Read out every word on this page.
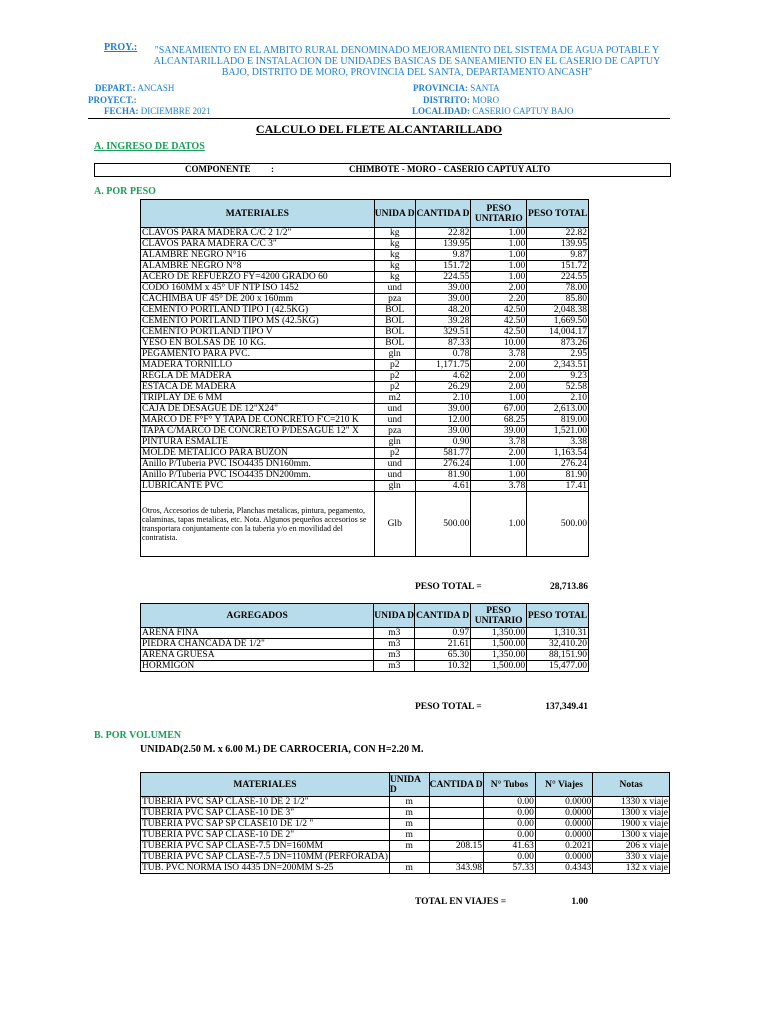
PROY.:	"SANEAMIENTO EN EL AMBITO RURAL DENOMINADO MEJORAMIENTO DEL SISTEMA DE AGUA POTABLE Y ALCANTARILLADO E INSTALACION DE UNIDADES BASICAS DE SANEAMIENTO EN EL CASERIO DE CAPTUY BAJO, DISTRITO DE MORO, PROVINCIA DEL SANTA, DEPARTAMENTO ANCASH"
DEPART.: ANCASH
PROYECT.:
FECHA: DICIEMBRE 2021
PROVINCIA: SANTA
DISTRITO: MORO
LOCALIDAD: CASERIO CAPTUY BAJO
CALCULO DEL FLETE ALCANTARILLADO
A. INGRESO DE DATOS
COMPONENTE :	CHIMBOTE - MORO - CASERIO CAPTUY ALTO
A. POR PESO
MATERIALES	UNIDA D	CANTIDA D	PESO UNITARIO	PESO TOTAL
CLAVOS PARA MADERA C/C 2 1/2"	kg	22.82	1.00	22.82
CLAVOS PARA MADERA C/C 3"	kg	139.95	1.00	139.95
ALAMBRE NEGRO N°16	kg	9.87	1.00	9.87
ALAMBRE NEGRO N°8	kg	151.72	1.00	151.72
ACERO DE REFUERZO FY=4200 GRADO 60	kg	224.55	1.00	224.55
CODO 160MM x 45° UF NTP ISO 1452	und	39.00	2.00	78.00
CACHIMBA UF 45° DE 200 x 160mm	pza	39.00	2.20	85.80
CEMENTO PORTLAND TIPO I (42.5KG)	BOL	48.20	42.50	2,048.38
CEMENTO PORTLAND TIPO MS (42.5KG)	BOL	39.28	42.50	1,669.50
CEMENTO PORTLAND TIPO V	BOL	329.51	42.50	14,004.17
YESO EN BOLSAS DE 10 KG.	BOL	87.33	10.00	873.26
PEGAMENTO PARA PVC.	gln	0.78	3.78	2.95
MADERA TORNILLO	p2	1,171.75	2.00	2,343.51
REGLA DE MADERA	p2	4.62	2.00	9.23
ESTACA DE MADERA	p2	26.29	2.00	52.58
TRIPLAY DE 6 MM	m2	2.10	1.00	2.10
CAJA DE DESAGUE DE 12"X24"	und	39.00	67.00	2,613.00
MARCO DE F°F° Y TAPA DE CONCRETO F'C=210 K	und	12.00	68.25	819.00
TAPA C/MARCO DE CONCRETO P/DESAGUE 12" X	pza	39.00	39.00	1,521.00
PINTURA ESMALTE	gln	0.90	3.78	3.38
MOLDE METALICO PARA BUZON	p2	581.77	2.00	1,163.54
Anillo P/Tuberia PVC ISO4435 DN160mm.	und	276.24	1.00	276.24
Anillo P/Tuberia PVC ISO4435 DN200mm.	und	81.90	1.00	81.90
LUBRICANTE PVC	gln	4.61	3.78	17.41
Otros, Accesorios de tuberia, Planchas metalicas, pintura, pegamento, calaminas, tapas metalicas, etc. Nota. Algunos pequeños accesorios se transportara conjuntamente con la tuberia y/o en movilidad del contratista.	Glb	500.00	1.00	500.00
PESO TOTAL =	28,713.86
AGREGADOS	UNIDA D	CANTIDA D	PESO UNITARIO	PESO TOTAL
ARENA FINA	m3	0.97	1,350.00	1,310.31
PIEDRA CHANCADA DE 1/2"	m3	21.61	1,500.00	32,410.20
ARENA GRUESA	m3	65.30	1,350.00	88,151.90
HORMIGON	m3	10.32	1,500.00	15,477.00
PESO TOTAL =	137,349.41
B. POR VOLUMEN
UNIDAD(2.50 M. x 6.00 M.) DE CARROCERIA, CON H=2.20 M.
MATERIALES	UNIDA D	CANTIDA D	N° Tubos	N° Viajes	Notas
TUBERIA PVC SAP CLASE-10 DE 2 1/2"	m		0.00	0.0000	1330 x viaje
TUBERIA PVC SAP CLASE-10 DE 3"	m		0.00	0.0000	1300 x viaje
TUBERIA PVC SAP SP CLASE10 DE 1/2 "	m		0.00	0.0000	1900 x viaje
TUBERIA PVC SAP CLASE-10 DE 2"	m		0.00	0.0000	1300 x viaje
TUBERIA PVC SAP CLASE-7.5 DN=160MM	m	208.15	41.63	0.2021	206 x viaje
TUBERIA PVC SAP CLASE-7.5 DN=110MM (PERFORADA)			0.00	0.0000	330 x viaje
TUB. PVC NORMA ISO 4435 DN=200MM S-25	m	343.98	57.33	0.4343	132 x viaje
TOTAL EN VIAJES =	1.00
